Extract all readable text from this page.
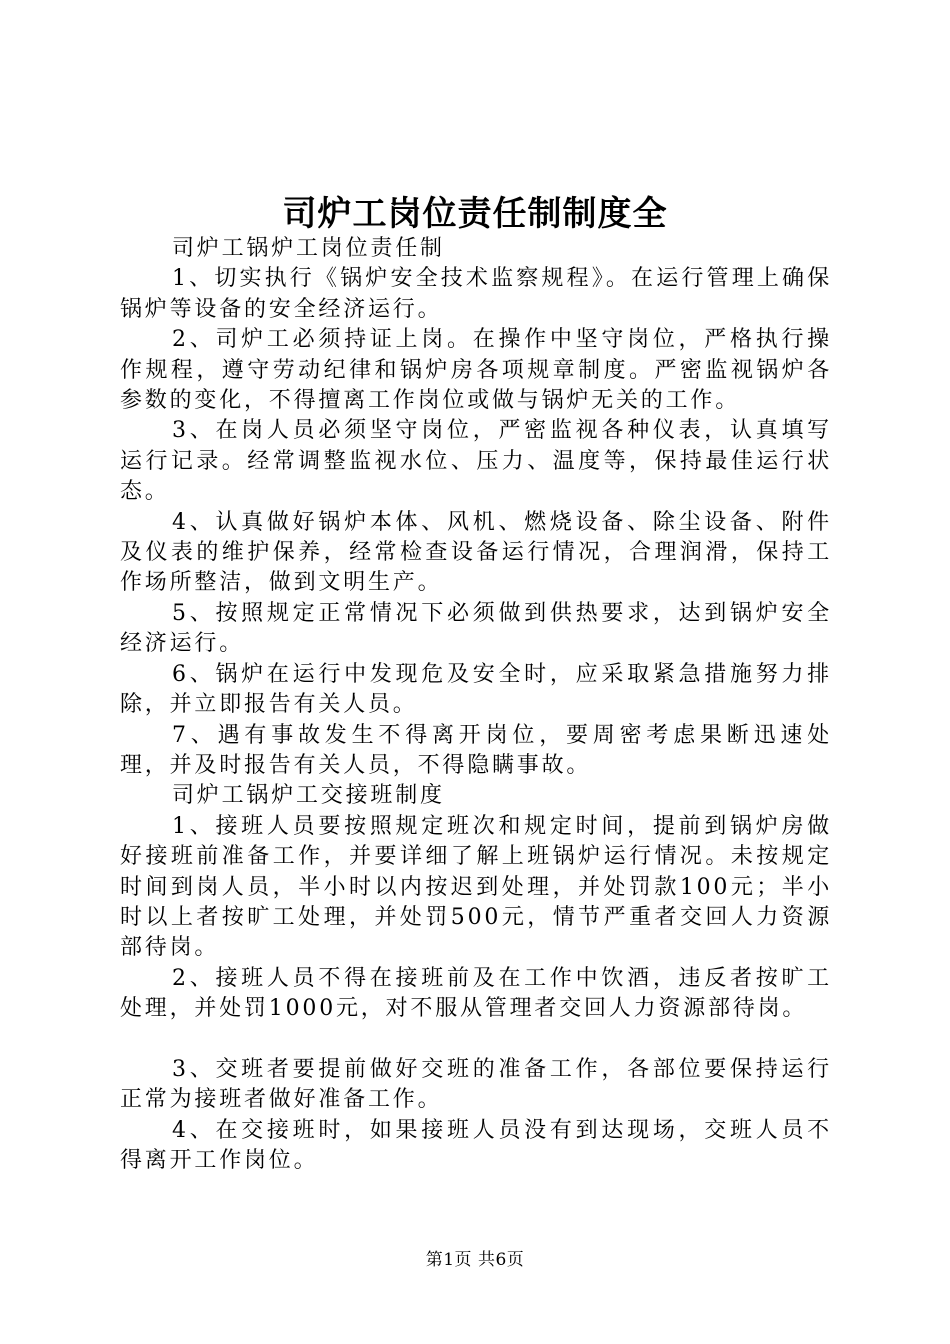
司炉工岗位责任制制度全

司炉工锅炉工岗位责任制

1、切实执行《锅炉安全技术监察规程》。在运行管理上确保锅炉等设备的安全经济运行。

2、司炉工必须持证上岗。在操作中坚守岗位，严格执行操作规程，遵守劳动纪律和锅炉房各项规章制度。严密监视锅炉各参数的变化，不得擅离工作岗位或做与锅炉无关的工作。

3、在岗人员必须坚守岗位，严密监视各种仪表，认真填写运行记录。经常调整监视水位、压力、温度等，保持最佳运行状态。

4、认真做好锅炉本体、风机、燃烧设备、除尘设备、附件及仪表的维护保养，经常检查设备运行情况，合理润滑，保持工作场所整洁，做到文明生产。

5、按照规定正常情况下必须做到供热要求，达到锅炉安全经济运行。

6、锅炉在运行中发现危及安全时，应采取紧急措施努力排除，并立即报告有关人员。

7、遇有事故发生不得离开岗位，要周密考虑果断迅速处理，并及时报告有关人员，不得隐瞒事故。

司炉工锅炉工交接班制度

1、接班人员要按照规定班次和规定时间，提前到锅炉房做好接班前准备工作，并要详细了解上班锅炉运行情况。未按规定时间到岗人员，半小时以内按迟到处理，并处罚款100元；半小时以上者按旷工处理，并处罚500元，情节严重者交回人力资源部待岗。

2、接班人员不得在接班前及在工作中饮酒，违反者按旷工处理，并处罚1000元，对不服从管理者交回人力资源部待岗。

3、交班者要提前做好交班的准备工作，各部位要保持运行正常为接班者做好准备工作。

4、在交接班时，如果接班人员没有到达现场，交班人员不得离开工作岗位。

第1页 共6页
